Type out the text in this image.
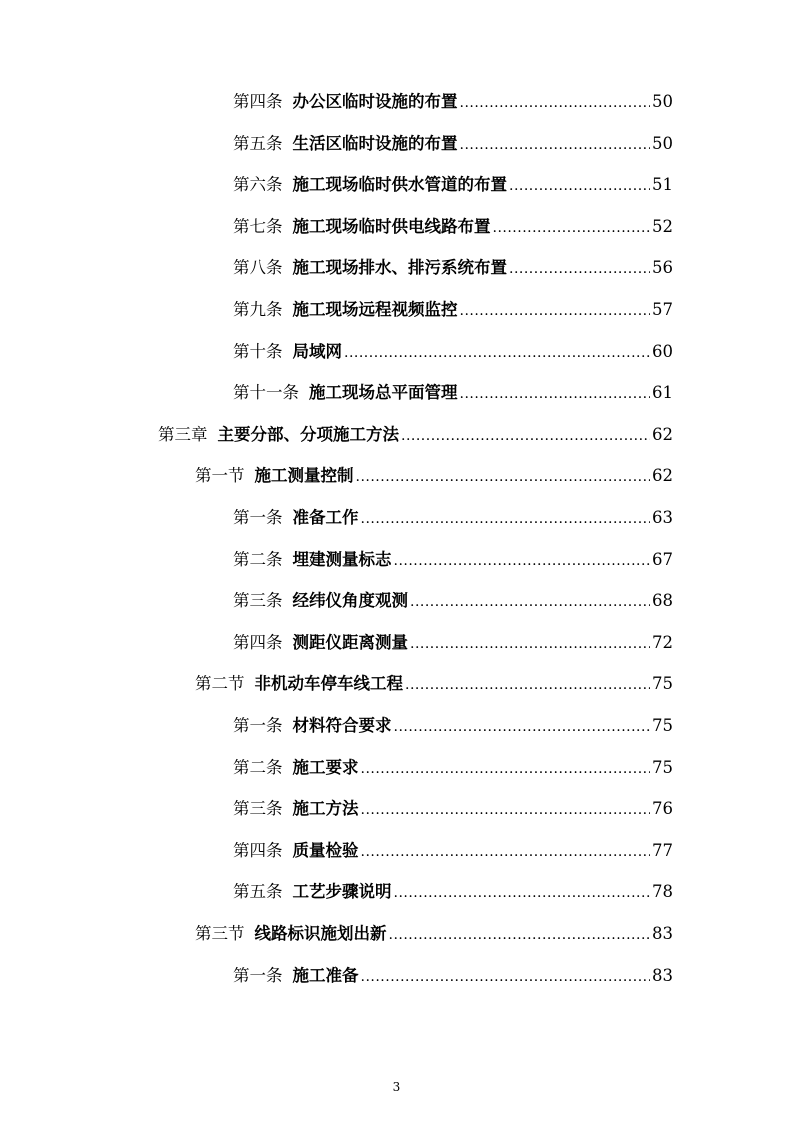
第四条 办公区临时设施的布置 .....	50
第五条 生活区临时设施的布置 .....	50
第六条 施工现场临时供水管道的布置 .....	51
第七条 施工现场临时供电线路布置 .....	52
第八条 施工现场排水、排污系统布置 .....	56
第九条 施工现场远程视频监控 .....	57
第十条 局域网 .....	60
第十一条 施工现场总平面管理 .....	61
第三章 主要分部、分项施工方法 .....	62
第一节 施工测量控制 .....	62
第一条 准备工作 .....	63
第二条 埋建测量标志 .....	67
第三条 经纬仪角度观测 .....	68
第四条 测距仪距离测量 .....	72
第二节 非机动车停车线工程 .....	75
第一条 材料符合要求 .....	75
第二条 施工要求 .....	75
第三条 施工方法 .....	76
第四条 质量检验 .....	77
第五条 工艺步骤说明 .....	78
第三节 线路标识施划出新 .....	83
第一条 施工准备 .....	83
3
